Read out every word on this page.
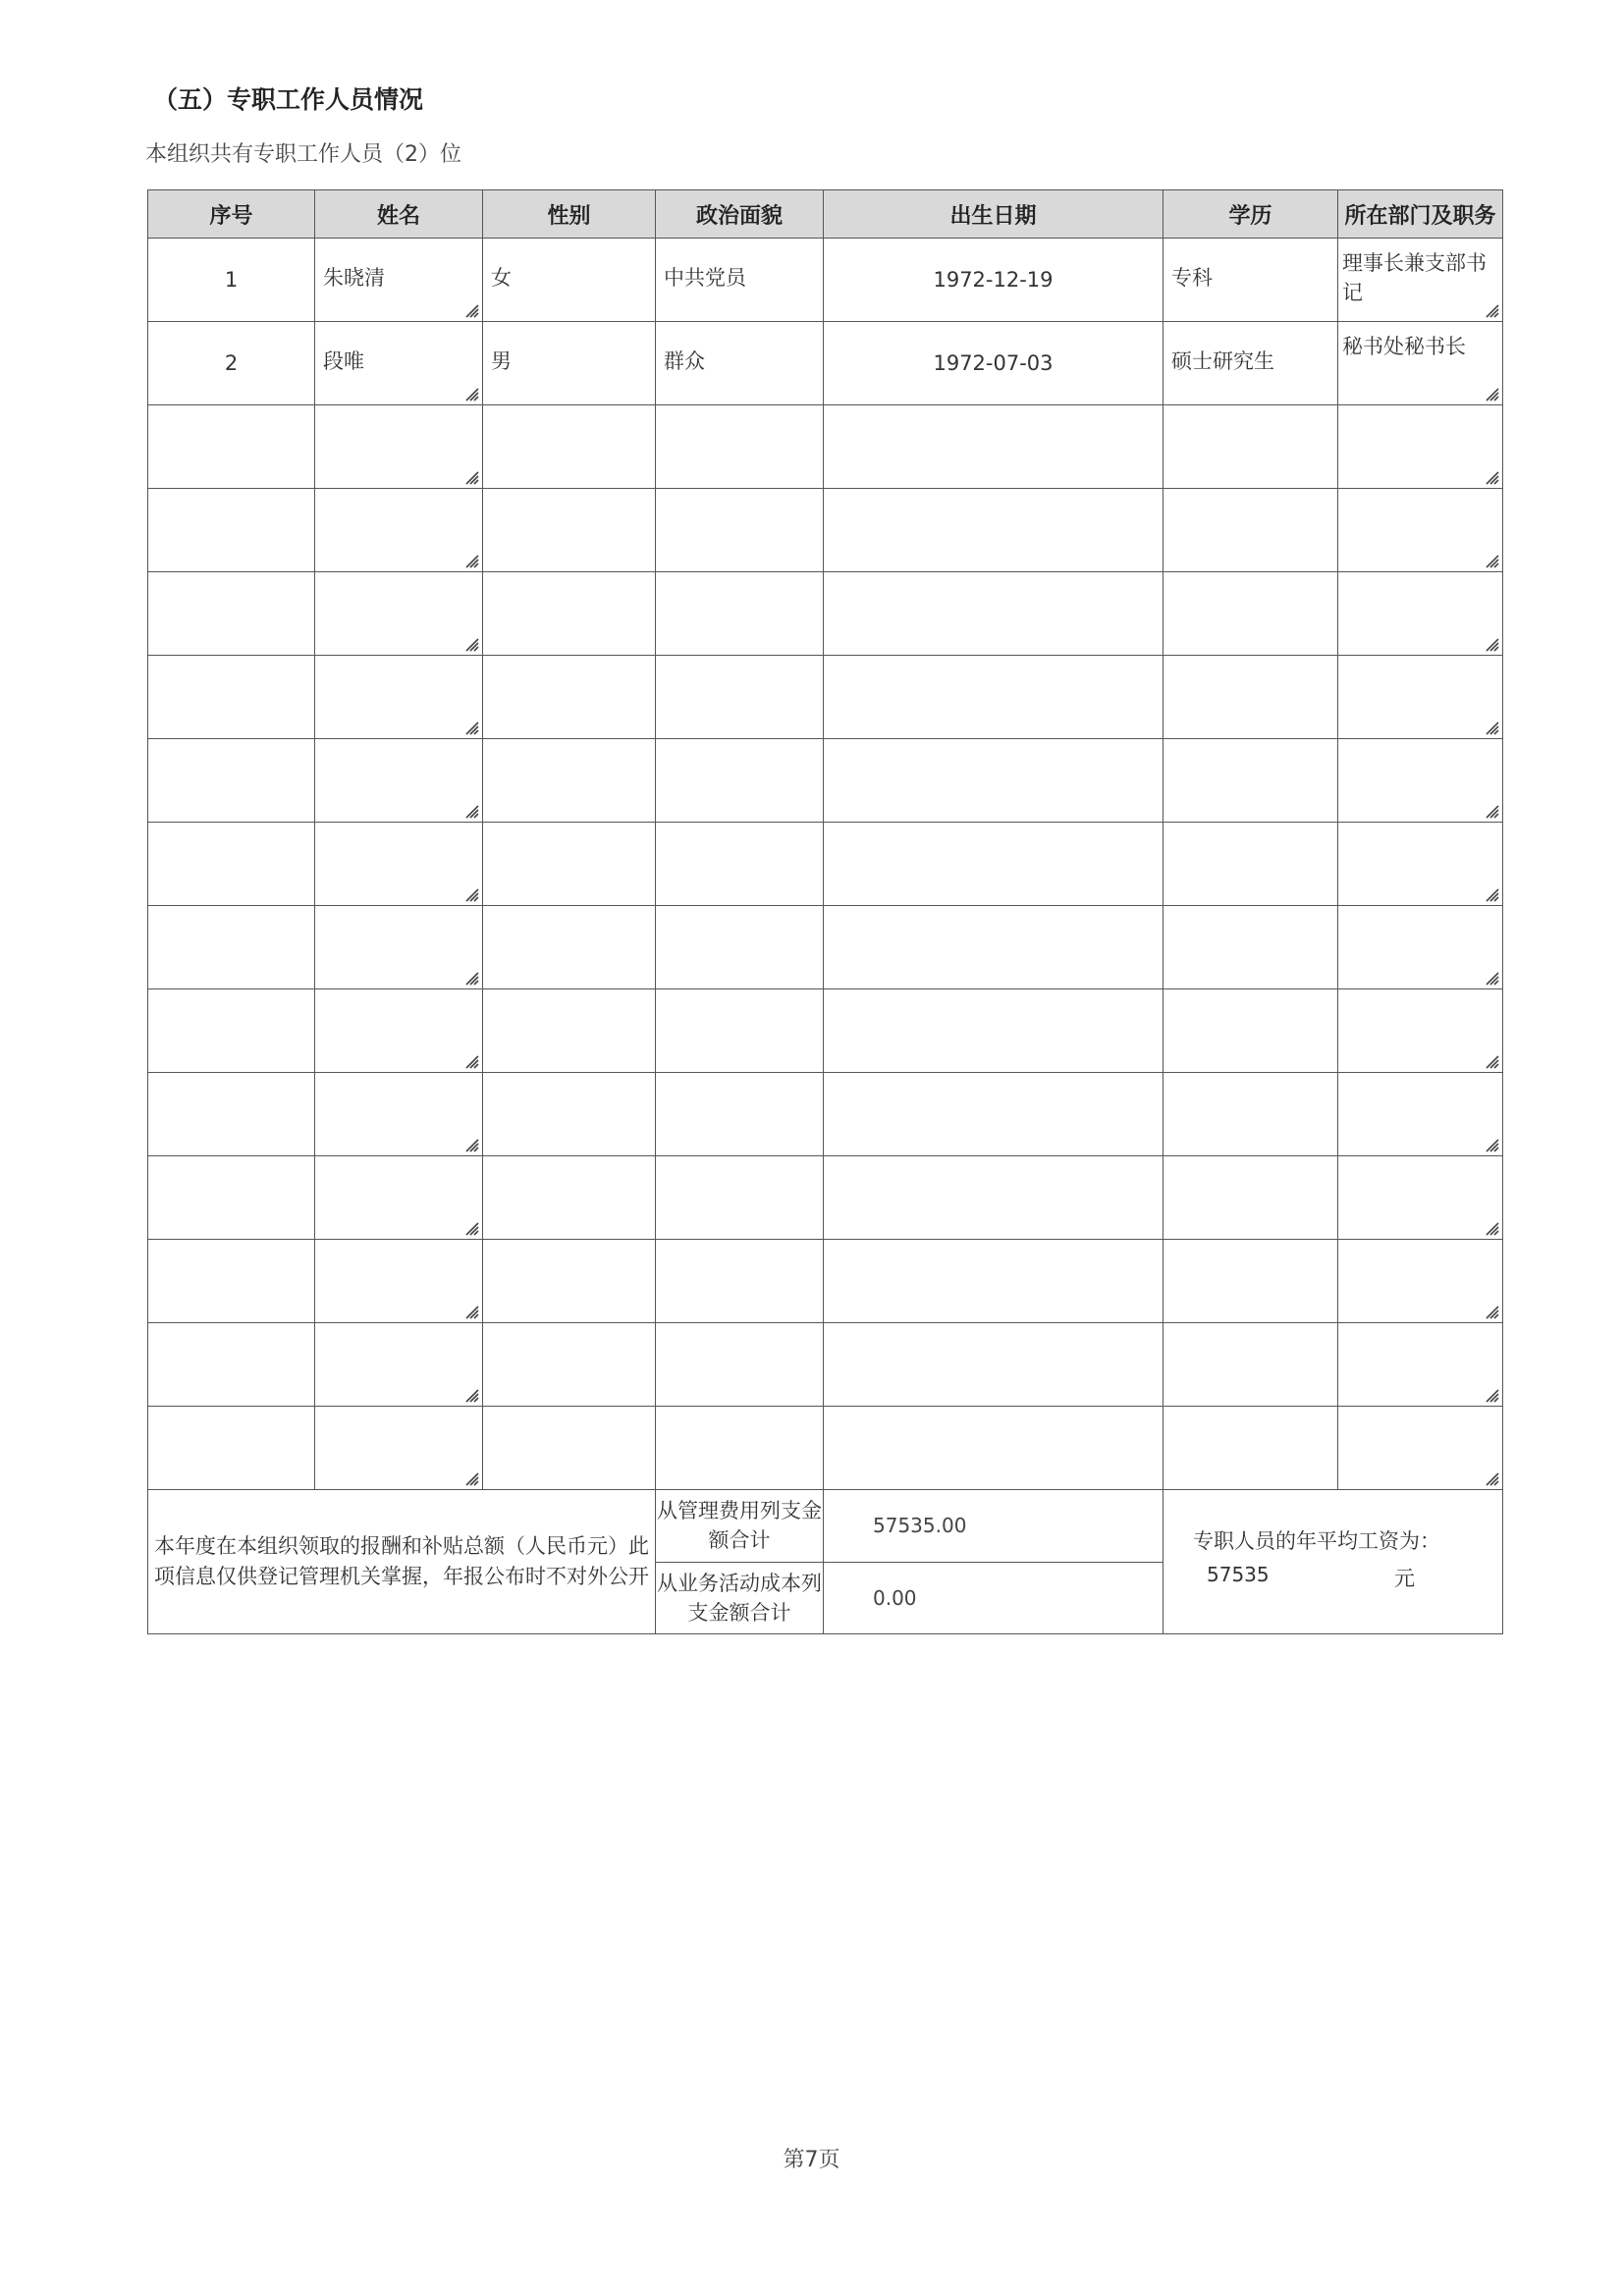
（五）专职工作人员情况
本组织共有专职工作人员（2）位
序号	姓名	性别	政治面貌	出生日期	学历	所在部门及职务

1	朱晓清	女	中共党员	1972-12-19	专科	理事长兼支部书记

2	段唯	男	群众	1972-07-03	硕士研究生	秘书处秘书长

本年度在本组织领取的报酬和补贴总额（人民币元）此项信息仅供登记管理机关掌握，年报公布时不对外公开			从管理费用列支金额合计	57535.00	专职人员的年平均工资为：
57535 元	

			从业务活动成本列支金额合计	0.00		
第7页
